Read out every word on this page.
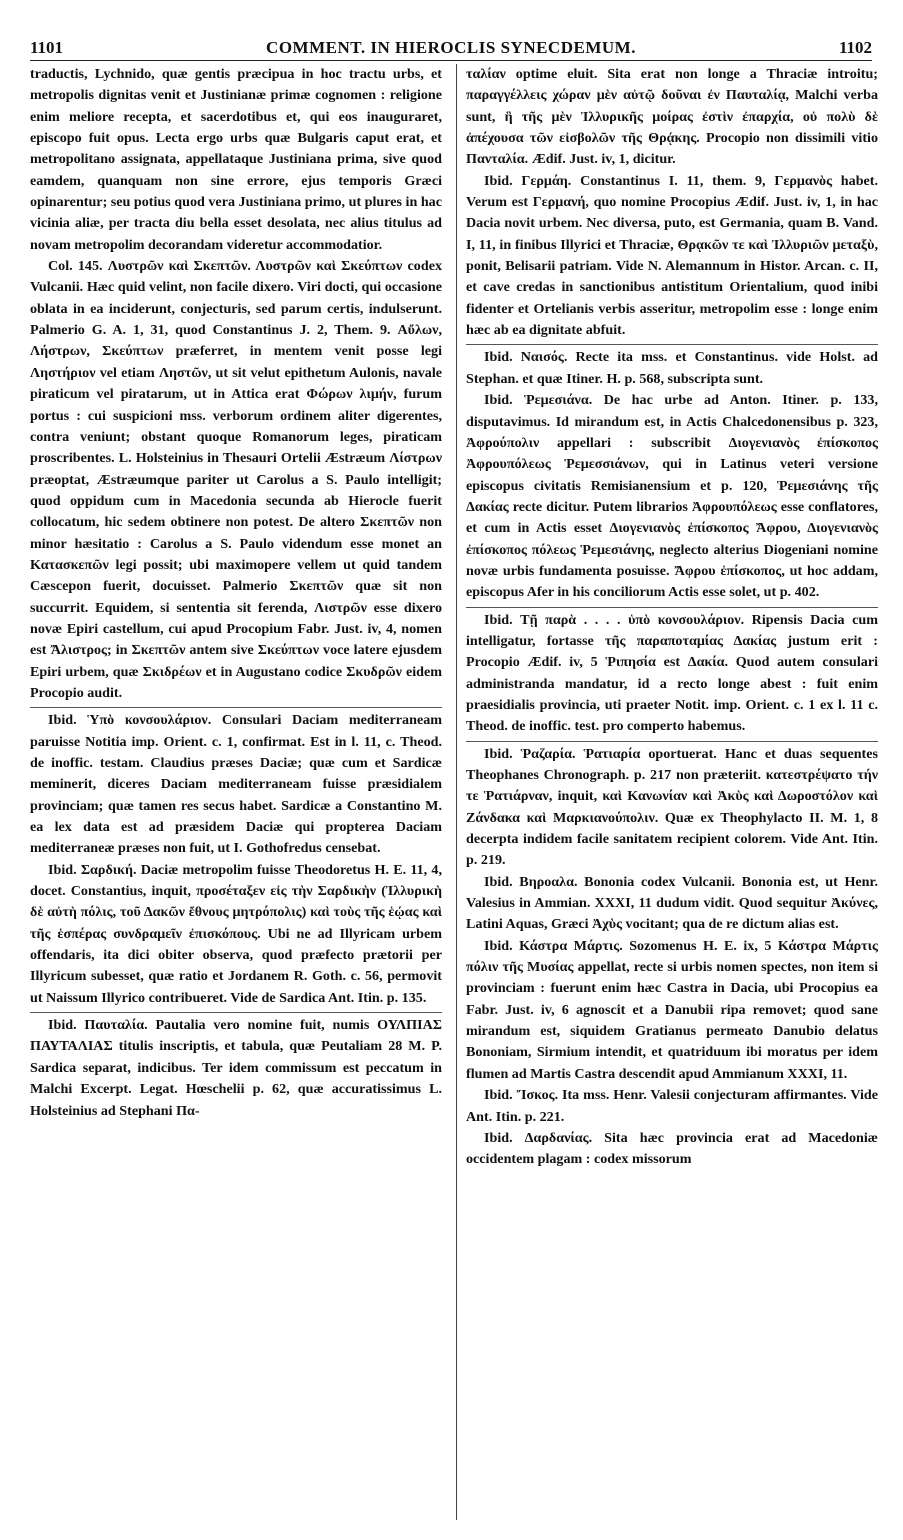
1101	COMMENT. IN HIEROCLIS SYNECDEMUM.	1102

traductis, Lychnido, quæ gentis præcipua in hoc tractu urbs, et metropolis dignitas venit et Justinianæ primæ cognomen : religione enim meliore recepta, et sacerdotibus et, qui eos inauguraret, episcopo fuit opus. Lecta ergo urbs quæ Bulgaris caput erat, et metropolitano assignata, appellataque Justiniana prima, sive quod eamdem, quanquam non sine errore, ejus temporis Græci opinarentur; seu potius quod vera Justiniana primo, ut plures in hac vicinia aliæ, per tracta diu bella esset desolata, nec alius titulus ad novam metropolim decorandam videretur accommodatior.

Col. 145. Λυστρῶν καὶ Σκεπτῶν. Λυστρῶν καὶ Σκεύπτων codex Vulcanii. Hæc quid velint, non facile dixero. Viri docti, qui occasione oblata in ea inciderunt, conjecturis, sed parum certis, indulserunt. Palmerio G. A. 1, 31, quod Constantinus J. 2, Them. 9. Αὔλων, Λήστρων, Σκεύπτων præferret, in mentem venit posse legi Ληστήριον vel etiam Ληστῶν, ut sit velut epithetum Aulonis, navale piraticum vel piratarum, ut in Attica erat Φώρων λιμήν, furum portus : cui suspicioni mss. verborum ordinem aliter digerentes, contra veniunt; obstant quoque Romanorum leges, piraticam proscribentes. L. Holsteinius in Thesauri Ortelii Æstræum Λίστρων præoptat, Æstræumque pariter ut Carolus a S. Paulo intelligit; quod oppidum cum in Macedonia secunda ab Hierocle fuerit collocatum, hic sedem obtinere non potest. De altero Σκεπτῶν non minor hæsitatio : Carolus a S. Paulo videndum esse monet an Κατασκεπῶν legi possit; ubi maximopere vellem ut quid tandem Cæscepon fuerit, docuisset. Palmerio Σκεπτῶν quæ sit non succurrit. Equidem, si sententia sit ferenda, Λιστρῶν esse dixero novæ Epiri castellum, cui apud Procopium Fabr. Just. iv, 4, nomen est Ἄλιστρος; in Σκεπτῶν antem sive Σκεύπτων voce latere ejusdem Epiri urbem, quæ Σκιδρέων et in Augustano codice Σκυδρῶν eidem Procopio audit.

Ibid. Ὑπὸ κονσουλάριον. Consulari Daciam mediterraneam paruisse Notitia imp. Orient. c. 1, confirmat. Est in l. 11, c. Theod. de inoffic. testam. Claudius præses Daciæ; quæ cum et Sardicæ meminerit, diceres Daciam mediterraneam fuisse præsidialem provinciam; quæ tamen res secus habet. Sardicæ a Constantino M. ea lex data est ad præsidem Daciæ qui propterea Daciam mediterraneæ præses non fuit, ut I. Gothofredus censebat.

Ibid. Σαρδική. Daciæ metropolim fuisse Theodoretus H. E. 11, 4, docet. Constantius, inquit, προσέταξεν εἰς τὴν Σαρδικὴν (Ἰλλυρικὴ δὲ αὐτὴ πόλις, τοῦ Δακῶν ἔθνους μητρόπολις) καὶ τοὺς τῆς ἑῴας καὶ τῆς ἑσπέρας συνδραμεῖν ἐπισκόπους. Ubi ne ad Illyricam urbem offendaris, ita dici obiter observa, quod præfecto prætorii per Illyricum subesset, quæ ratio et Jordanem R. Goth. c. 56, permovit ut Naissum Illyrico contribueret. Vide de Sardica Ant. Itin. p. 135.

Ibid. Παυταλία. Pautalia vero nomine fuit, numis ΟΥΛΠΙΑΣ ΠΑΥΤΑΛΙΑΣ titulis inscriptis, et tabula, quæ Peutaliam 28 M. P. Sardica separat, indicibus. Ter idem commissum est peccatum in Malchi Excerpt. Legat. Hœschelii p. 62, quæ accuratissimus L. Holsteinius ad Stephani Πα-

ταλίαν optime eluit. Sita erat non longe a Thraciæ introitu; παραγγέλλεις χώραν μὲν αὐτῷ δοῦναι ἐν Παυταλίᾳ, Malchi verba sunt, ἣ τῆς μὲν Ἰλλυρικῆς μοίρας ἐστὶν ἐπαρχία, οὐ πολὺ δὲ ἀπέχουσα τῶν εἰσβολῶν τῆς Θρᾴκης. Procopio non dissimili vitio Πανταλία. Ædif. Just. iv, 1, dicitur.

Ibid. Γερμάη. Constantinus I. 11, them. 9, Γερμανὸς habet. Verum est Γερμανή, quo nomine Procopius Ædif. Just. iv, 1, in hac Dacia novit urbem. Nec diversa, puto, est Germania, quam B. Vand. I, 11, in finibus Illyrici et Thraciæ, Θρᾳκῶν τε καὶ Ἰλλυριῶν μεταξὺ, ponit, Belisarii patriam. Vide N. Alemannum in Histor. Arcan. c. II, et cave credas in sanctionibus antistitum Orientalium, quod inibi fidenter et Ortelianis verbis asseritur, metropolim esse : longe enim hæc ab ea dignitate abfuit.

Ibid. Ναισός. Recte ita mss. et Constantinus. vide Holst. ad Stephan. et quæ Itiner. H. p. 568, subscripta sunt.

Ibid. Ῥεμεσιάνα. De hac urbe ad Anton. Itiner. p. 133, disputavimus. Id mirandum est, in Actis Chalcedonensibus p. 323, Ἀφρούπολιν appellari : subscribit Διογενιανὸς ἐπίσκοπος Ἀφρουπόλεως Ῥεμεσσιάνων, qui in Latinus veteri versione episcopus civitatis Remisianensium et p. 120, Ῥεμεσιάνης τῆς Δακίας recte dicitur. Putem librarios Ἀφρουπόλεως esse conflatores, et cum in Actis esset Διογενιανὸς ἐπίσκοπος Ἄφρου, Διογενιανὸς ἐπίσκοπος πόλεως Ῥεμεσιάνης, neglecto alterius Diogeniani nomine novæ urbis fundamenta posuisse. Ἄφρου ἐπίσκοπος, ut hoc addam, episcopus Afer in his conciliorum Actis esse solet, ut p. 402.

Ibid. Τῇ παρὰ . . . . ὑπὸ κονσουλάριον. Ripensis Dacia cum intelligatur, fortasse τῆς παραποταμίας Δακίας justum erit : Procopio Ædif. iv, 5 Ῥιπησία est Δακία. Quod autem consulari administranda mandatur, id a recto longe abest : fuit enim praesidialis provincia, uti praeter Notit. imp. Orient. c. 1 ex l. 11 c. Theod. de inoffic. test. pro comperto habemus.

Ibid. Ῥαζαρία. Ῥατιαρία oportuerat. Hanc et duas sequentes Theophanes Chronograph. p. 217 non præteriit. κατεστρέψατο τήν τε Ῥατιάρναν, inquit, καὶ Κανωνίαν καὶ Ἀκὺς καὶ Δωροστόλον καὶ Ζάνδακα καὶ Μαρκιανούπολιν. Quæ ex Theophylacto II. M. 1, 8 decerpta indidem facile sanitatem recipient colorem. Vide Ant. Itin. p. 219.

Ibid. Βηροαλα. Bononia codex Vulcanii. Bononia est, ut Henr. Valesius in Ammian. XXXI, 11 dudum vidit. Quod sequitur Ἀκύνες, Latini Aquas, Græci Ἀχὺς vocitant; qua de re dictum alias est.

Ibid. Κάστρα Μάρτις. Sozomenus H. E. ix, 5 Κάστρα Μάρτις πόλιν τῆς Μυσίας appellat, recte si urbis nomen spectes, non item si provinciam : fuerunt enim hæc Castra in Dacia, ubi Procopius ea Fabr. Just. iv, 6 agnoscit et a Danubii ripa removet; quod sane mirandum est, siquidem Gratianus permeato Danubio delatus Bononiam, Sirmium intendit, et quatriduum ibi moratus per idem flumen ad Martis Castra descendit apud Ammianum XXXI, 11.

Ibid. Ἴσκος. Ita mss. Henr. Valesii conjecturam affirmantes. Vide Ant. Itin. p. 221.

Ibid. Δαρδανίας. Sita hæc provincia erat ad Macedoniæ occidentem plagam : codex missorum
